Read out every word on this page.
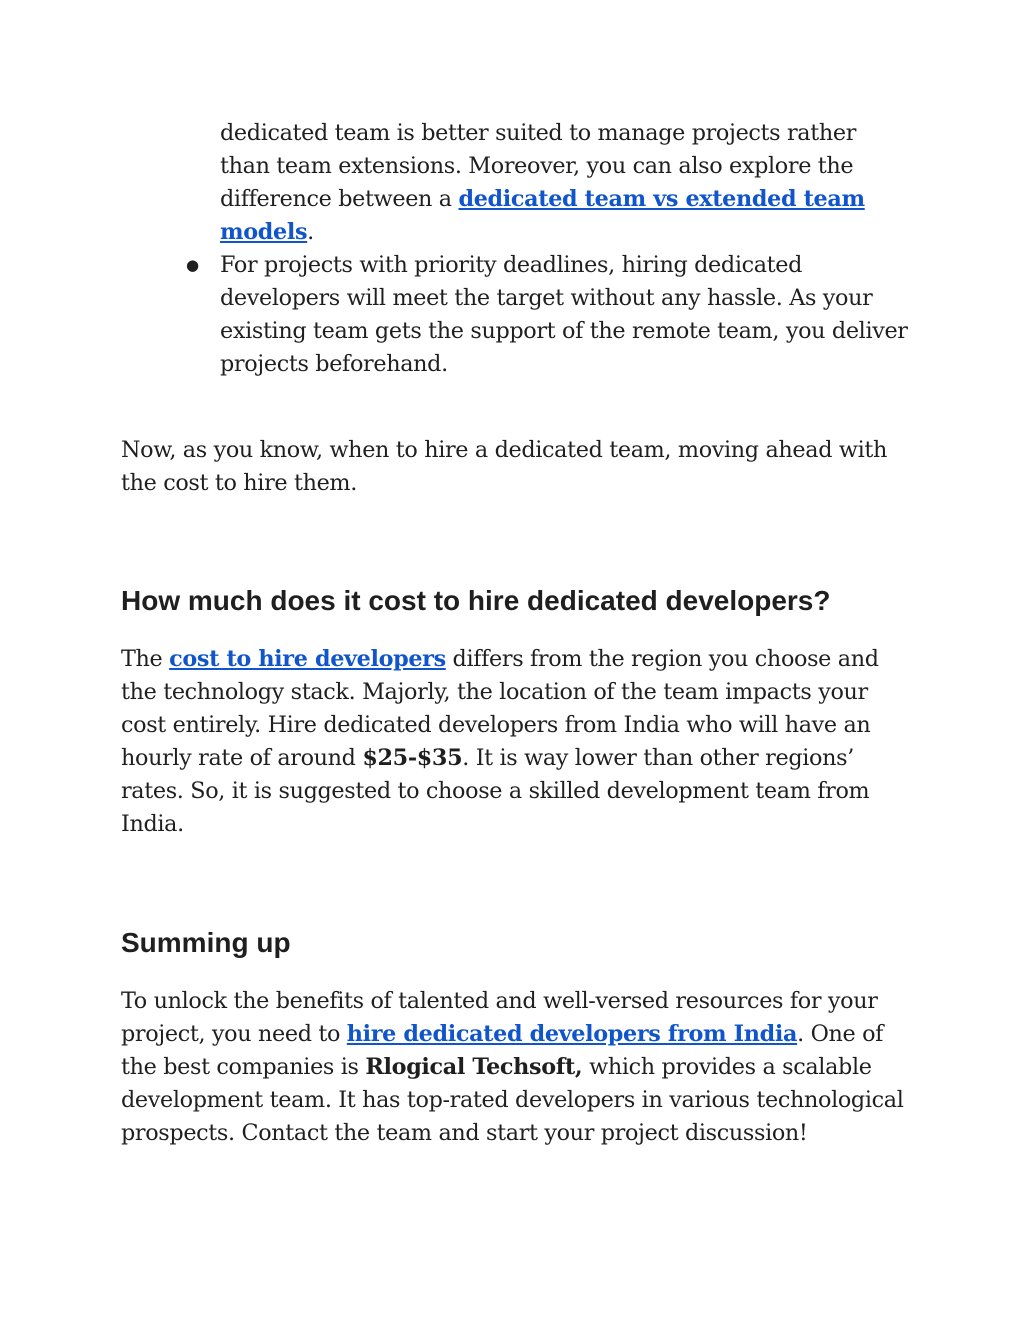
dedicated team is better suited to manage projects rather than team extensions. Moreover, you can also explore the difference between a dedicated team vs extended team models.
● For projects with priority deadlines, hiring dedicated developers will meet the target without any hassle. As your existing team gets the support of the remote team, you deliver projects beforehand.

Now, as you know, when to hire a dedicated team, moving ahead with the cost to hire them.

How much does it cost to hire dedicated developers?

The cost to hire developers differs from the region you choose and the technology stack. Majorly, the location of the team impacts your cost entirely. Hire dedicated developers from India who will have an hourly rate of around $25-$35. It is way lower than other regions’ rates. So, it is suggested to choose a skilled development team from India.

Summing up

To unlock the benefits of talented and well-versed resources for your project, you need to hire dedicated developers from India. One of the best companies is Rlogical Techsoft, which provides a scalable development team. It has top-rated developers in various technological prospects. Contact the team and start your project discussion!
